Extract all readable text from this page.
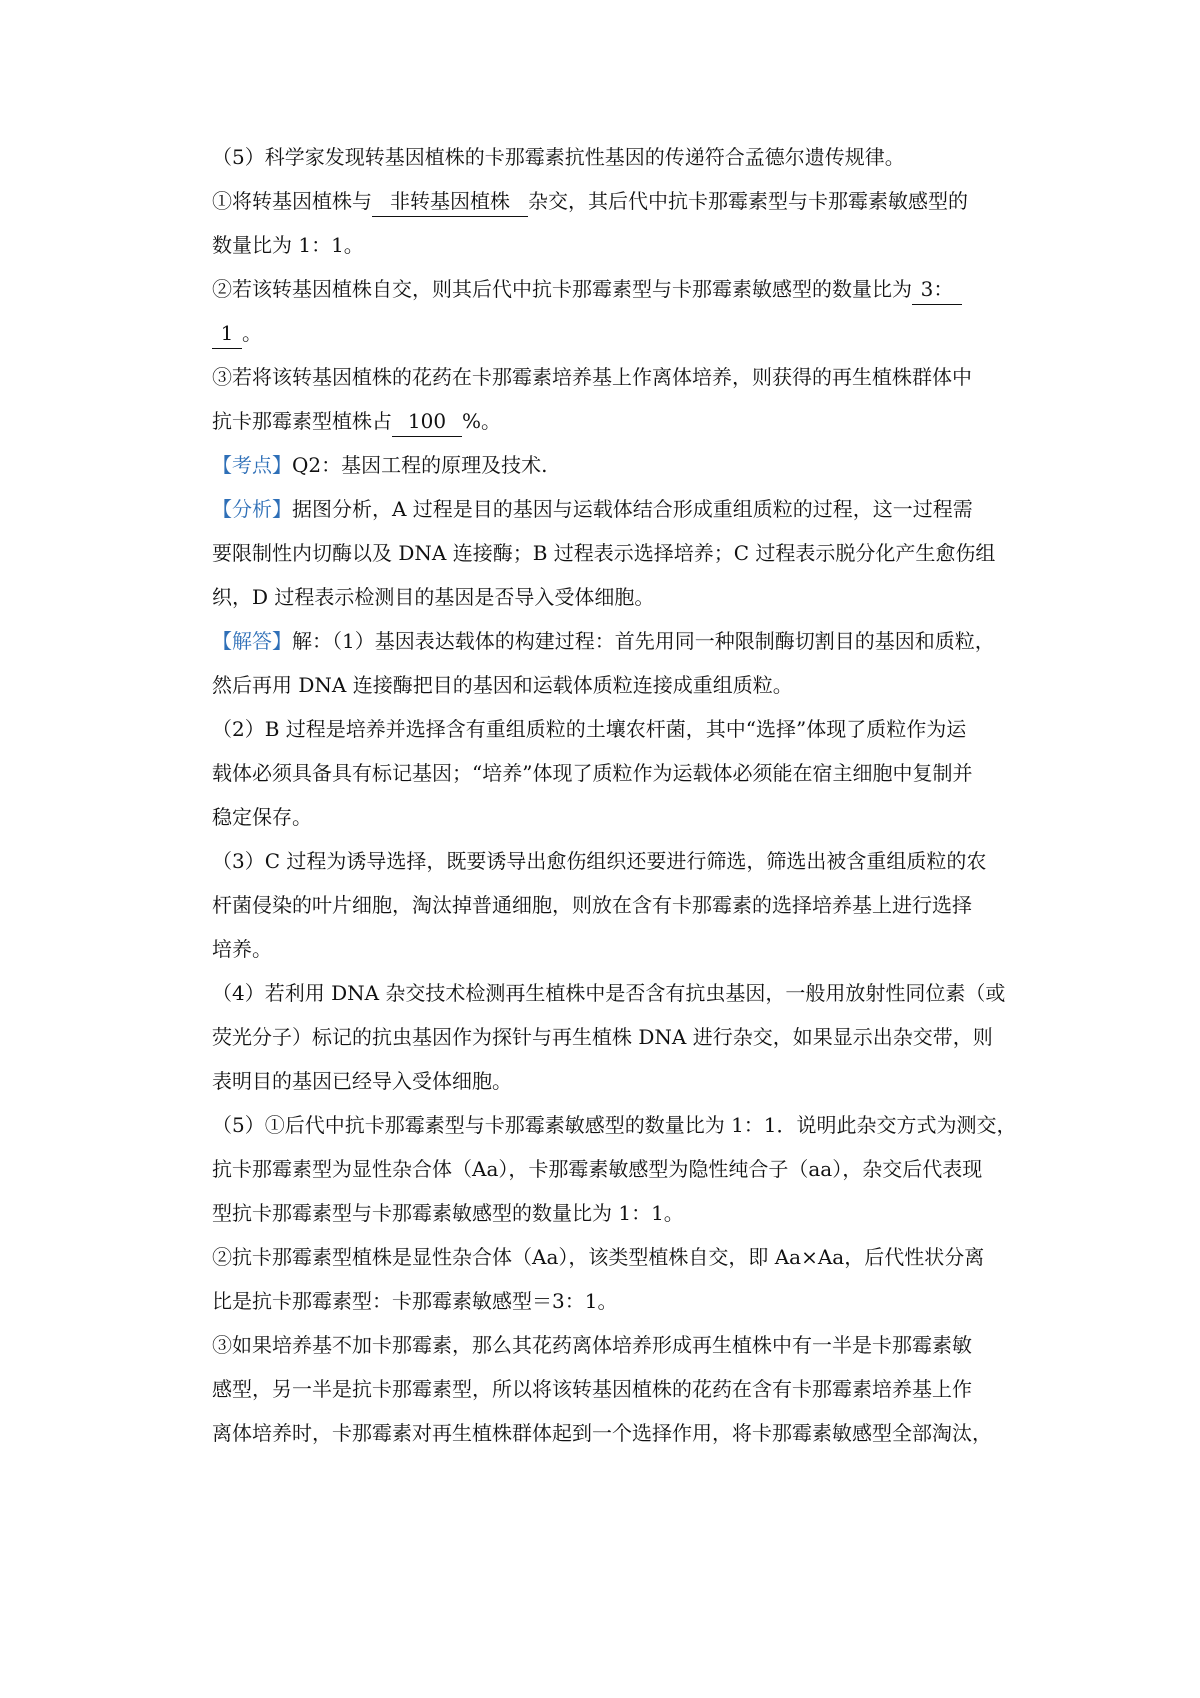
（5）科学家发现转基因植株的卡那霉素抗性基因的传递符合孟德尔遗传规律。
①将转基因植株与 非转基因植株 杂交，其后代中抗卡那霉素型与卡那霉素敏感型的
数量比为 1：1。
②若该转基因植株自交，则其后代中抗卡那霉素型与卡那霉素敏感型的数量比为 3：
1 。
③若将该转基因植株的花药在卡那霉素培养基上作离体培养，则获得的再生植株群体中
抗卡那霉素型植株占 100 %。
【考点】Q2：基因工程的原理及技术.
【分析】据图分析，A 过程是目的基因与运载体结合形成重组质粒的过程，这一过程需
要限制性内切酶以及 DNA 连接酶；B 过程表示选择培养；C 过程表示脱分化产生愈伤组
织，D 过程表示检测目的基因是否导入受体细胞。
【解答】解：（1）基因表达载体的构建过程：首先用同一种限制酶切割目的基因和质粒，
然后再用 DNA 连接酶把目的基因和运载体质粒连接成重组质粒。
（2）B 过程是培养并选择含有重组质粒的土壤农杆菌，其中“选择”体现了质粒作为运
载体必须具备具有标记基因；“培养”体现了质粒作为运载体必须能在宿主细胞中复制并
稳定保存。
（3）C 过程为诱导选择，既要诱导出愈伤组织还要进行筛选，筛选出被含重组质粒的农
杆菌侵染的叶片细胞，淘汰掉普通细胞，则放在含有卡那霉素的选择培养基上进行选择
培养。
（4）若利用 DNA 杂交技术检测再生植株中是否含有抗虫基因，一般用放射性同位素（或
荧光分子）标记的抗虫基因作为探针与再生植株 DNA 进行杂交，如果显示出杂交带，则
表明目的基因已经导入受体细胞。
（5）①后代中抗卡那霉素型与卡那霉素敏感型的数量比为 1：1．说明此杂交方式为测交，
抗卡那霉素型为显性杂合体（Aa），卡那霉素敏感型为隐性纯合子（aa），杂交后代表现
型抗卡那霉素型与卡那霉素敏感型的数量比为 1：1。
②抗卡那霉素型植株是显性杂合体（Aa），该类型植株自交，即 Aa×Aa，后代性状分离
比是抗卡那霉素型：卡那霉素敏感型＝3：1。
③如果培养基不加卡那霉素，那么其花药离体培养形成再生植株中有一半是卡那霉素敏
感型，另一半是抗卡那霉素型，所以将该转基因植株的花药在含有卡那霉素培养基上作
离体培养时，卡那霉素对再生植株群体起到一个选择作用，将卡那霉素敏感型全部淘汰，
